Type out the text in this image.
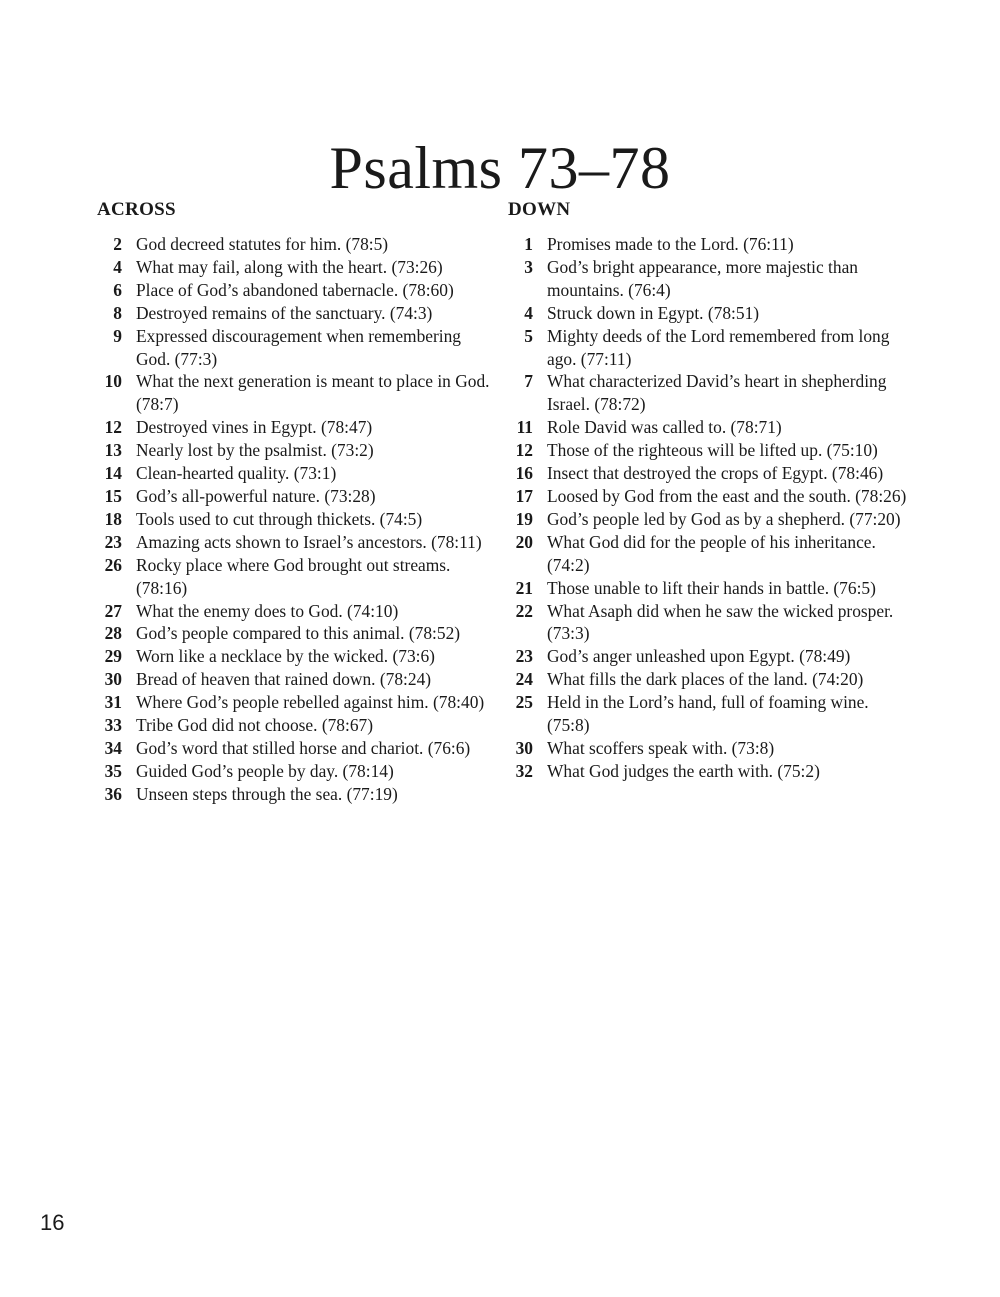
Psalms 73–78
ACROSS
2 God decreed statutes for him. (78:5)
4 What may fail, along with the heart. (73:26)
6 Place of God’s abandoned tabernacle. (78:60)
8 Destroyed remains of the sanctuary. (74:3)
9 Expressed discouragement when remembering God. (77:3)
10 What the next generation is meant to place in God. (78:7)
12 Destroyed vines in Egypt. (78:47)
13 Nearly lost by the psalmist. (73:2)
14 Clean-hearted quality. (73:1)
15 God’s all-powerful nature. (73:28)
18 Tools used to cut through thickets. (74:5)
23 Amazing acts shown to Israel’s ancestors. (78:11)
26 Rocky place where God brought out streams. (78:16)
27 What the enemy does to God. (74:10)
28 God’s people compared to this animal. (78:52)
29 Worn like a necklace by the wicked. (73:6)
30 Bread of heaven that rained down. (78:24)
31 Where God’s people rebelled against him. (78:40)
33 Tribe God did not choose. (78:67)
34 God’s word that stilled horse and chariot. (76:6)
35 Guided God’s people by day. (78:14)
36 Unseen steps through the sea. (77:19)
DOWN
1 Promises made to the Lord. (76:11)
3 God’s bright appearance, more majestic than mountains. (76:4)
4 Struck down in Egypt. (78:51)
5 Mighty deeds of the Lord remembered from long ago. (77:11)
7 What characterized David’s heart in shepherding Israel. (78:72)
11 Role David was called to. (78:71)
12 Those of the righteous will be lifted up. (75:10)
16 Insect that destroyed the crops of Egypt. (78:46)
17 Loosed by God from the east and the south. (78:26)
19 God’s people led by God as by a shepherd. (77:20)
20 What God did for the people of his inheritance. (74:2)
21 Those unable to lift their hands in battle. (76:5)
22 What Asaph did when he saw the wicked prosper. (73:3)
23 God’s anger unleashed upon Egypt. (78:49)
24 What fills the dark places of the land. (74:20)
25 Held in the Lord’s hand, full of foaming wine. (75:8)
30 What scoffers speak with. (73:8)
32 What God judges the earth with. (75:2)
16
